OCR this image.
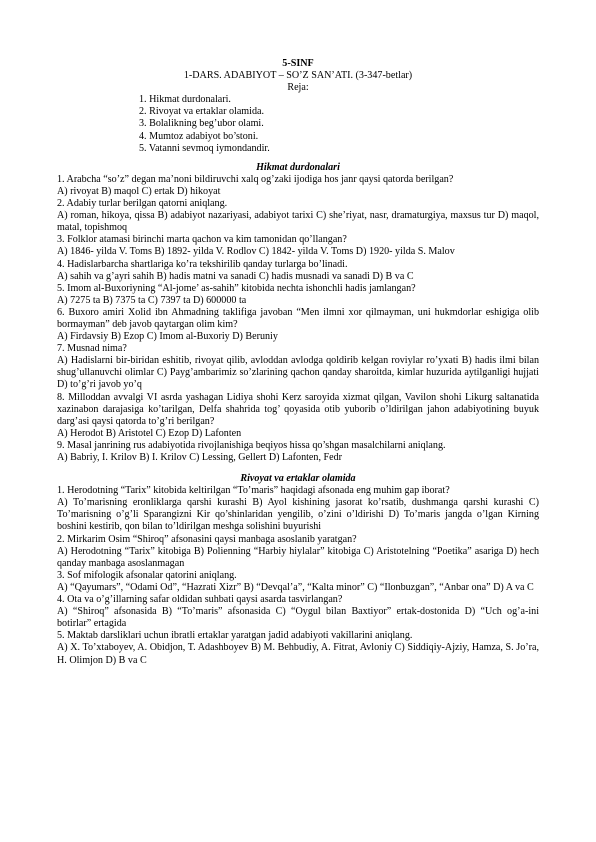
5-SINF
1-DARS. ADABIYOT – SO’Z SAN’ATI. (3-347-betlar)
Reja:
1. Hikmat durdonalari.
2. Rivoyat va ertaklar olamida.
3. Bolalikning beg’ubor olami.
4. Mumtoz adabiyot bo’stoni.
5. Vatanni sevmoq iymondandir.
Hikmat durdonalari
1. Arabcha “so’z” degan ma’noni bildiruvchi xalq og’zaki ijodiga hos janr qaysi qatorda berilgan?
A) rivoyat B) maqol C) ertak D) hikoyat
2. Adabiy turlar berilgan qatorni aniqlang.
A) roman, hikoya, qissa B) adabiyot nazariyasi, adabiyot tarixi C) she’riyat, nasr, dramaturgiya, maxsus tur D) maqol, matal, topishmoq
3. Folklor atamasi birinchi marta qachon va kim tamonidan qo’llangan?
A) 1846- yilda V. Toms B) 1892- yilda V. Rodlov C) 1842- yilda V. Toms D) 1920- yilda S. Malov
4. Hadislarbarcha shartlariga ko’ra tekshirilib qanday turlarga bo’linadi.
A) sahih va g’ayri sahih B) hadis matni va sanadi C) hadis musnadi va sanadi D) B va C
5. Imom al-Buxoriyning “Al-jome’ as-sahih” kitobida nechta ishonchli hadis jamlangan?
A) 7275 ta B) 7375 ta C) 7397 ta D) 600000 ta
6. Buxoro amiri Xolid ibn Ahmadning taklifiga javoban “Men ilmni xor qilmayman, uni hukmdorlar eshigiga olib bormayman” deb javob qaytargan olim kim?
A) Firdavsiy B) Ezop C) Imom al-Buxoriy D) Beruniy
7. Musnad nima?
A) Hadislarni bir-biridan eshitib, rivoyat qilib, avloddan avlodga qoldirib kelgan roviylar ro’yxati B) hadis ilmi bilan shug’ullanuvchi olimlar C) Payg’ambarimiz so’zlarining qachon qanday sharoitda, kimlar huzurida aytilganligi hujjati D) to’g’ri javob yo’q
8. Milloddan avvalgi VI asrda yashagan Lidiya shohi Kerz saroyida xizmat qilgan, Vavilon shohi Likurg saltanatida xazinabon darajasiga ko’tarilgan, Delfa shahrida tog’ qoyasida otib yuborib o’ldirilgan jahon adabiyotining buyuk darg’asi qaysi qatorda to’g’ri berilgan?
A) Herodot B) Aristotel C) Ezop D) Lafonten
9. Masal janrining rus adabiyotida rivojlanishiga beqiyos hissa qo’shgan masalchilarni aniqlang.
A) Babriy, I. Krilov B) I. Krilov C) Lessing, Gellert D) Lafonten, Fedr
Rivoyat va ertaklar olamida
1. Herodotning “Tarix” kitobida keltirilgan “To’maris” haqidagi afsonada eng muhim gap iborat?
A) To’marisning eronliklarga qarshi kurashi B) Ayol kishining jasorat ko’rsatib, dushmanga qarshi kurashi C) To’marisning o’g’li Sparangizni Kir qo’shinlaridan yengilib, o’zini o’ldirishi D) To’maris jangda o’lgan Kirning boshini kestirib, qon bilan to’ldirilgan meshga solishini buyurishi
2. Mirkarim Osim “Shiroq” afsonasini qaysi manbaga asoslanib yaratgan?
A) Herodotning “Tarix” kitobiga B) Polienning “Harbiy hiylalar” kitobiga C) Aristotelning “Poetika” asariga D) hech qanday manbaga asoslanmagan
3. Sof mifologik afsonalar qatorini aniqlang.
A) “Qayumars”, “Odami Od”, “Hazrati Xizr” B) “Devqal’a”, “Kalta minor” C) “Ilonbuzgan”, “Anbar ona” D) A va C
4. Ota va o’g’illarning safar oldidan suhbati qaysi asarda tasvirlangan?
A) “Shiroq” afsonasida B) “To’maris” afsonasida C) “Oygul bilan Baxtiyor” ertak-dostonida D) “Uch og’a-ini botirlar” ertagida
5. Maktab darsliklari uchun ibratli ertaklar yaratgan jadid adabiyoti vakillarini aniqlang.
A) X. To’xtaboyev, A. Obidjon, T. Adashboyev B) M. Behbudiy, A. Fitrat, Avloniy C) Siddiqiy-Ajziy, Hamza, S. Jo’ra, H. Olimjon D) B va C
